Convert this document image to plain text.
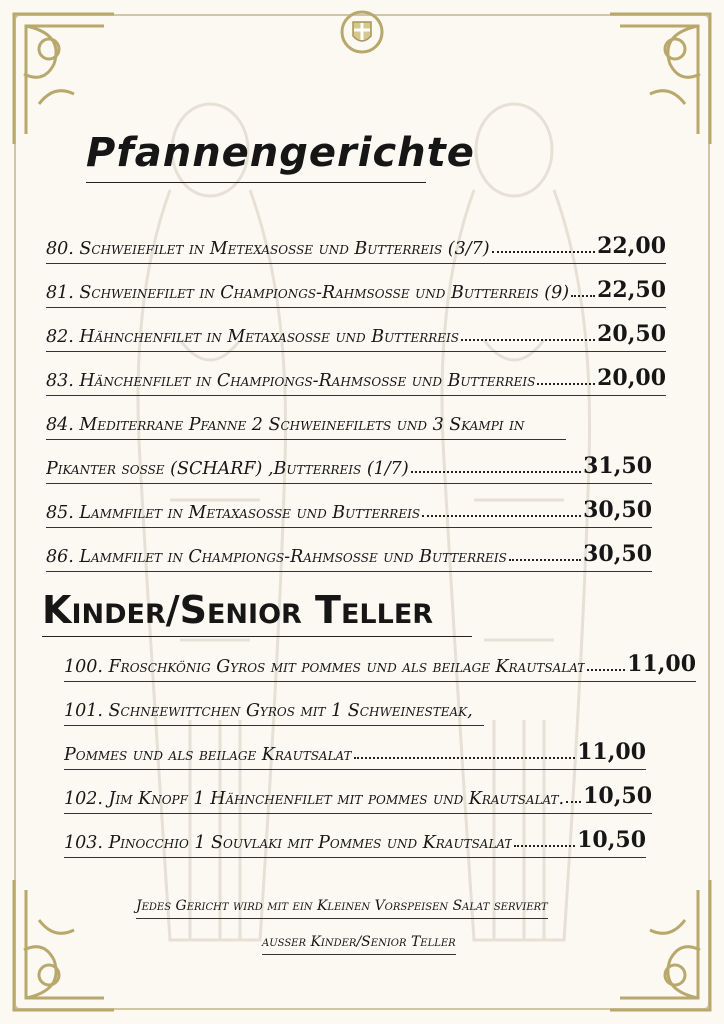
Pfannengerichte
80. Schweiefilet in Metexasosse und Butterreis (3/7)	22,00
81. Schweinefilet in Championgs-Rahmsosse und Butterreis (9) 22,50
82. Hähnchenfilet in Metaxasosse und Butterreis	20,50
83. Hänchenfilet in Championgs-Rahmsosse und Butterreis	20,00
84. Mediterrane Pfanne 2 Schweinefilets und 3 Skampi in
Pikanter sosse (SCHARF) ,Butterreis (1/7)	31,50
85. Lammfilet in Metaxasosse und Butterreis	30,50
86. Lammfilet in Championgs-Rahmsosse und Butterreis	30,50
Kinder/Senior Teller
100. Froschkönig Gyros mit pommes und als beilage Krautsalat 11,00
101. Schneewittchen Gyros mit 1 Schweinesteak,
Pommes und als beilage Krautsalat	11,00
102. Jim Knopf 1 Hähnchenfilet mit pommes und Krautsalat. 10,50
103. Pinocchio 1 Souvlaki mit Pommes und Krautsalat	10,50
Jedes Gericht wird mit ein Kleinen Vorspeisen Salat serviert
ausser Kinder/Senior Teller
